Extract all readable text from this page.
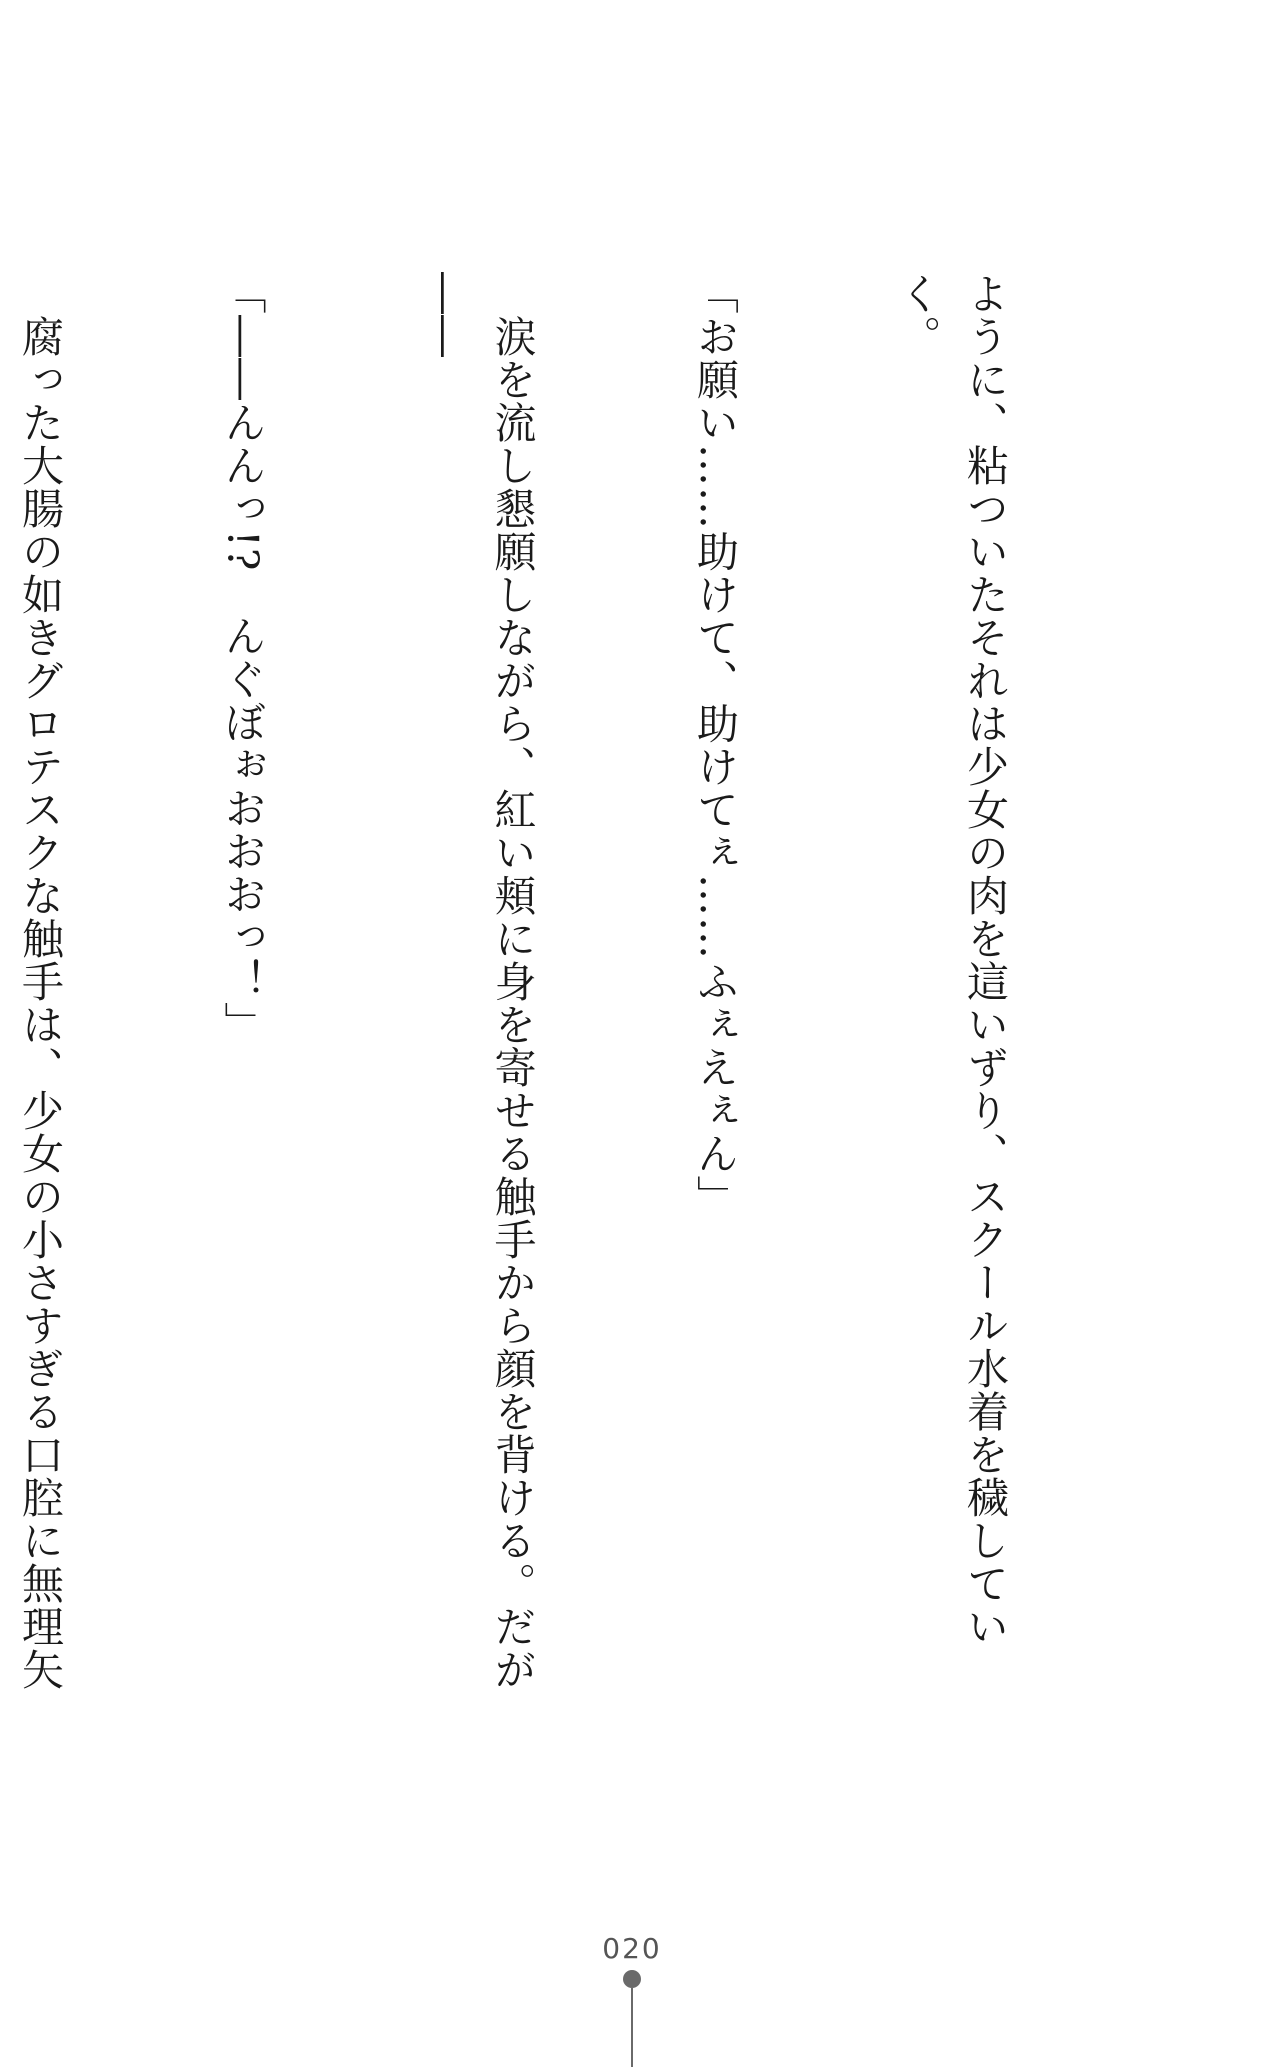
ように、粘ついたそれは少女の肉を這いずり、スクール水着を穢していく。

「お願い……助けて、助けてぇ……ふぇえぇん」

　涙を流し懇願しながら、紅い頬に身を寄せる触手から顔を背ける。だが――

「――んんっ!?　んぐぼぉおおおっ！」

　腐った大腸の如きグロテスクな触手は、少女の小さすぎる口腔に無理矢

020
